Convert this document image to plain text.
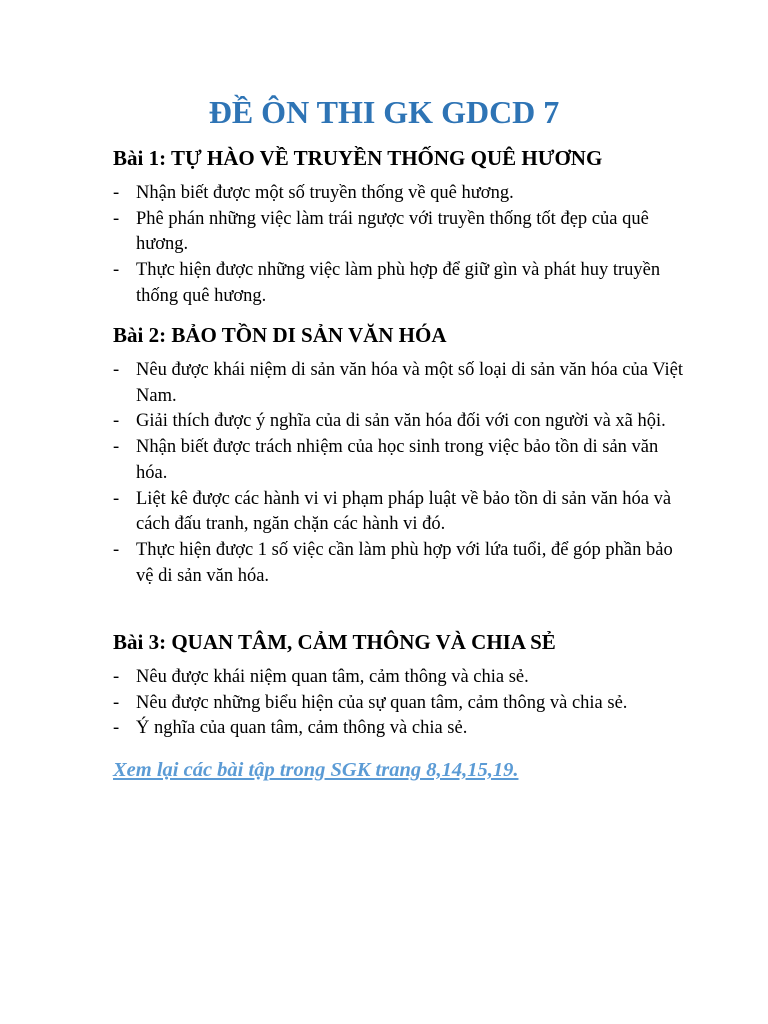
ĐỀ ÔN THI GK GDCD 7
Bài 1: TỰ HÀO VỀ TRUYỀN THỐNG QUÊ HƯƠNG
- Nhận biết được một số truyền thống về quê hương.
- Phê phán những việc làm trái ngược với truyền thống tốt đẹp của quê hương.
- Thực hiện được những việc làm phù hợp để giữ gìn và phát huy truyền thống quê hương.
Bài 2: BẢO TỒN DI SẢN VĂN HÓA
- Nêu được khái niệm di sản văn hóa và một số loại di sản văn hóa của Việt Nam.
- Giải thích được ý nghĩa của di sản văn hóa đối với con người và xã hội.
- Nhận biết được trách nhiệm của học sinh trong việc bảo tồn di sản văn hóa.
- Liệt kê được các hành vi vi phạm pháp luật về bảo tồn di sản văn hóa và cách đấu tranh, ngăn chặn các hành vi đó.
- Thực hiện được 1 số việc cần làm phù hợp với lứa tuổi, để góp phần bảo vệ di sản văn hóa.
Bài 3: QUAN TÂM, CẢM THÔNG VÀ CHIA SẺ
- Nêu được khái niệm quan tâm, cảm thông và chia sẻ.
- Nêu được những biểu hiện của sự quan tâm, cảm thông và chia sẻ.
- Ý nghĩa của quan tâm, cảm thông và chia sẻ.
Xem lại các bài tập trong SGK trang 8,14,15,19.
